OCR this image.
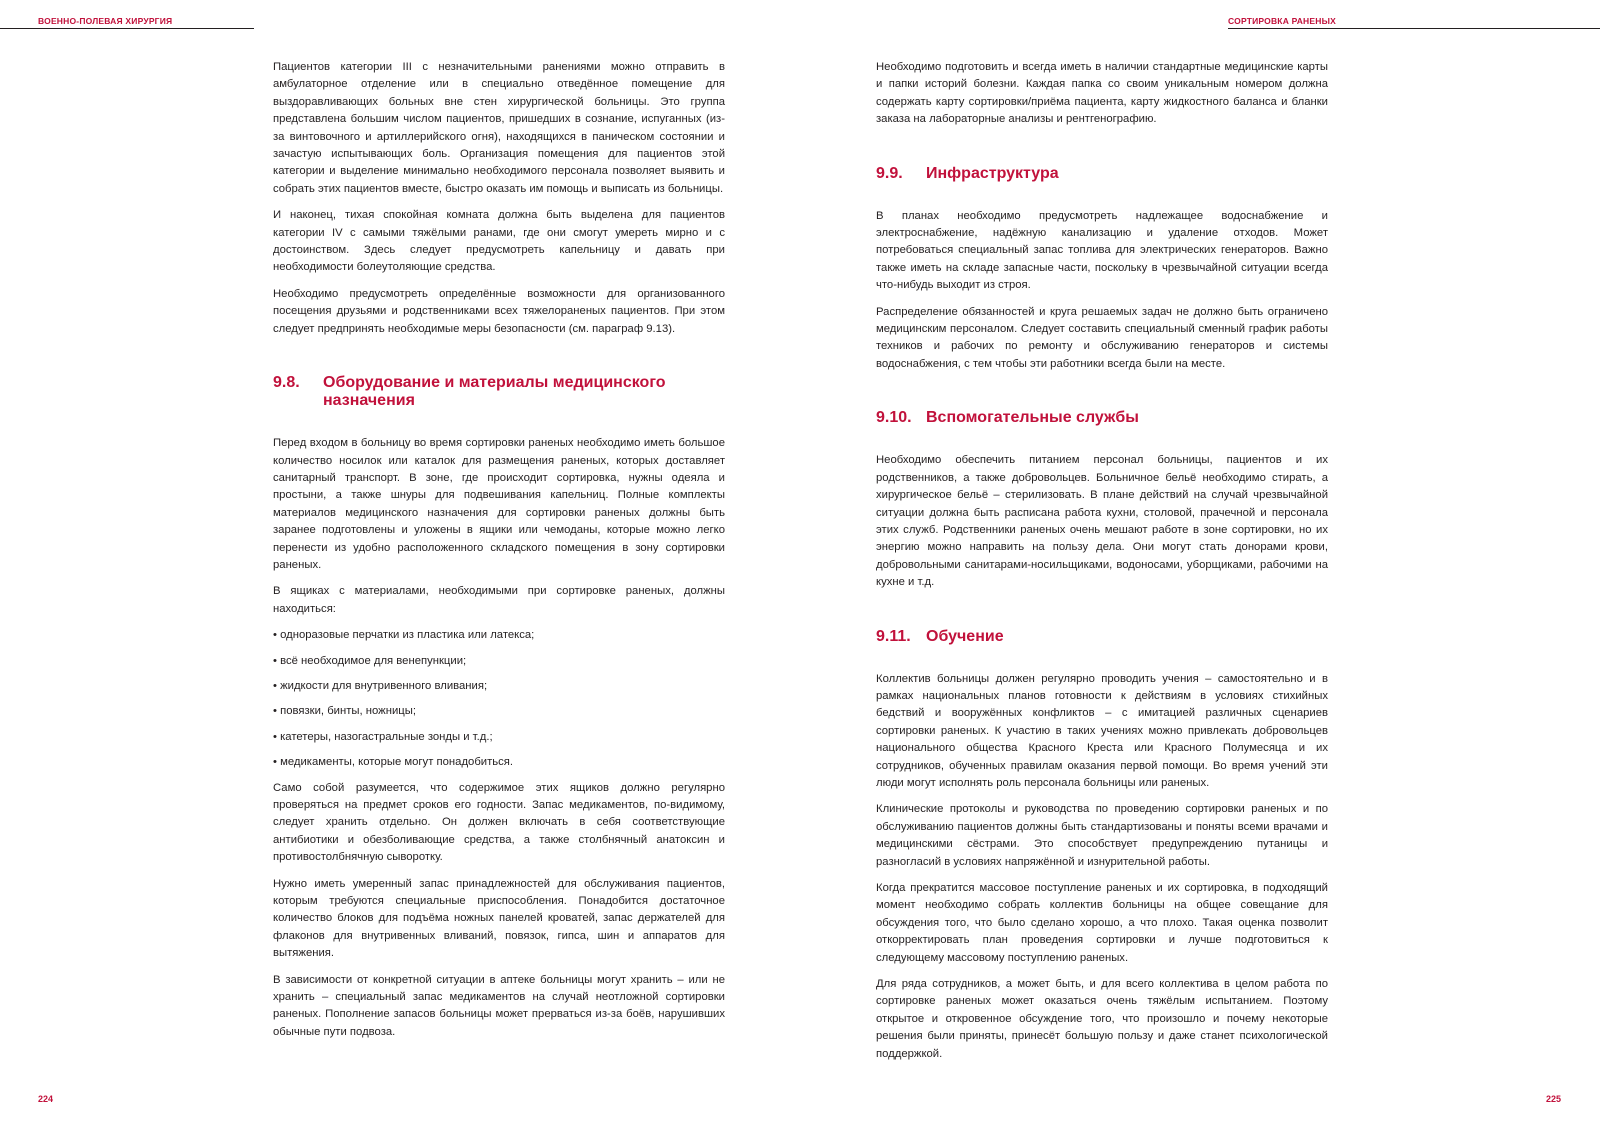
ВОЕННО-ПОЛЕВАЯ ХИРУРГИЯ	СОРТИРОВКА РАНЕНЫХ

Пациентов категории III с незначительными ранениями можно отправить в амбулаторное отделение или в специально отведённое помещение для выздоравливающих больных вне стен хирургической больницы. Это группа представлена большим числом пациентов, пришедших в сознание, испуганных (из-за винтовочного и артиллерийского огня), находящихся в паническом состоянии и зачастую испытывающих боль. Организация помещения для пациентов этой категории и выделение минимально необходимого персонала позволяет выявить и собрать этих пациентов вместе, быстро оказать им помощь и выписать из больницы.

И наконец, тихая спокойная комната должна быть выделена для пациентов категории IV с самыми тяжёлыми ранами, где они смогут умереть мирно и с достоинством. Здесь следует предусмотреть капельницу и давать при необходимости болеутоляющие средства.

Необходимо предусмотреть определённые возможности для организованного посещения друзьями и родственниками всех тяжелораненых пациентов. При этом следует предпринять необходимые меры безопасности (см. параграф 9.13).

9.8.	Оборудование и материалы медицинского назначения

Перед входом в больницу во время сортировки раненых необходимо иметь большое количество носилок или каталок для размещения раненых, которых доставляет санитарный транспорт. В зоне, где происходит сортировка, нужны одеяла и простыни, а также шнуры для подвешивания капельниц. Полные комплекты материалов медицинского назначения для сортировки раненых должны быть заранее подготовлены и уложены в ящики или чемоданы, которые можно легко перенести из удобно расположенного складского помещения в зону сортировки раненых.

В ящиках с материалами, необходимыми при сортировке раненых, должны находиться:

• одноразовые перчатки из пластика или латекса;

• всё необходимое для венепункции;

• жидкости для внутривенного вливания;

• повязки, бинты, ножницы;

• катетеры, назогастральные зонды и т.д.;

• медикаменты, которые могут понадобиться.

Само собой разумеется, что содержимое этих ящиков должно регулярно проверяться на предмет сроков его годности. Запас медикаментов, по-видимому, следует хранить отдельно. Он должен включать в себя соответствующие антибиотики и обезболивающие средства, а также столбнячный анатоксин и противостолбнячную сыворотку.

Нужно иметь умеренный запас принадлежностей для обслуживания пациентов, которым требуются специальные приспособления. Понадобится достаточное количество блоков для подъёма ножных панелей кроватей, запас держателей для флаконов для внутривенных вливаний, повязок, гипса, шин и аппаратов для вытяжения.

В зависимости от конкретной ситуации в аптеке больницы могут хранить – или не хранить – специальный запас медикаментов на случай неотложной сортировки раненых. Пополнение запасов больницы может прерваться из-за боёв, нарушивших обычные пути подвоза.

Необходимо подготовить и всегда иметь в наличии стандартные медицинские карты и папки историй болезни. Каждая папка со своим уникальным номером должна содержать карту сортировки/приёма пациента, карту жидкостного баланса и бланки заказа на лабораторные анализы и рентгенографию.

9.9.	Инфраструктура

В планах необходимо предусмотреть надлежащее водоснабжение и электроснабжение, надёжную канализацию и удаление отходов. Может потребоваться специальный запас топлива для электрических генераторов. Важно также иметь на складе запасные части, поскольку в чрезвычайной ситуации всегда что-нибудь выходит из строя.

Распределение обязанностей и круга решаемых задач не должно быть ограничено медицинским персоналом. Следует составить специальный сменный график работы техников и рабочих по ремонту и обслуживанию генераторов и системы водоснабжения, с тем чтобы эти работники всегда были на месте.

9.10. Вспомогательные службы

Необходимо обеспечить питанием персонал больницы, пациентов и их родственников, а также добровольцев. Больничное бельё необходимо стирать, а хирургическое бельё – стерилизовать. В плане действий на случай чрезвычайной ситуации должна быть расписана работа кухни, столовой, прачечной и персонала этих служб. Родственники раненых очень мешают работе в зоне сортировки, но их энергию можно направить на пользу дела. Они могут стать донорами крови, добровольными санитарами-носильщиками, водоносами, уборщиками, рабочими на кухне и т.д.

9.11. Обучение

Коллектив больницы должен регулярно проводить учения – самостоятельно и в рамках национальных планов готовности к действиям в условиях стихийных бедствий и вооружённых конфликтов – с имитацией различных сценариев сортировки раненых. К участию в таких учениях можно привлекать добровольцев национального общества Красного Креста или Красного Полумесяца и их сотрудников, обученных правилам оказания первой помощи. Во время учений эти люди могут исполнять роль персонала больницы или раненых.

Клинические протоколы и руководства по проведению сортировки раненых и по обслуживанию пациентов должны быть стандартизованы и поняты всеми врачами и медицинскими сёстрами. Это способствует предупреждению путаницы и разногласий в условиях напряжённой и изнурительной работы.

Когда прекратится массовое поступление раненых и их сортировка, в подходящий момент необходимо собрать коллектив больницы на общее совещание для обсуждения того, что было сделано хорошо, а что плохо. Такая оценка позволит откорректировать план проведения сортировки и лучше подготовиться к следующему массовому поступлению раненых.

Для ряда сотрудников, а может быть, и для всего коллектива в целом работа по сортировке раненых может оказаться очень тяжёлым испытанием. Поэтому открытое и откровенное обсуждение того, что произошло и почему некоторые решения были приняты, принесёт большую пользу и даже станет психологической поддержкой.

224	225
